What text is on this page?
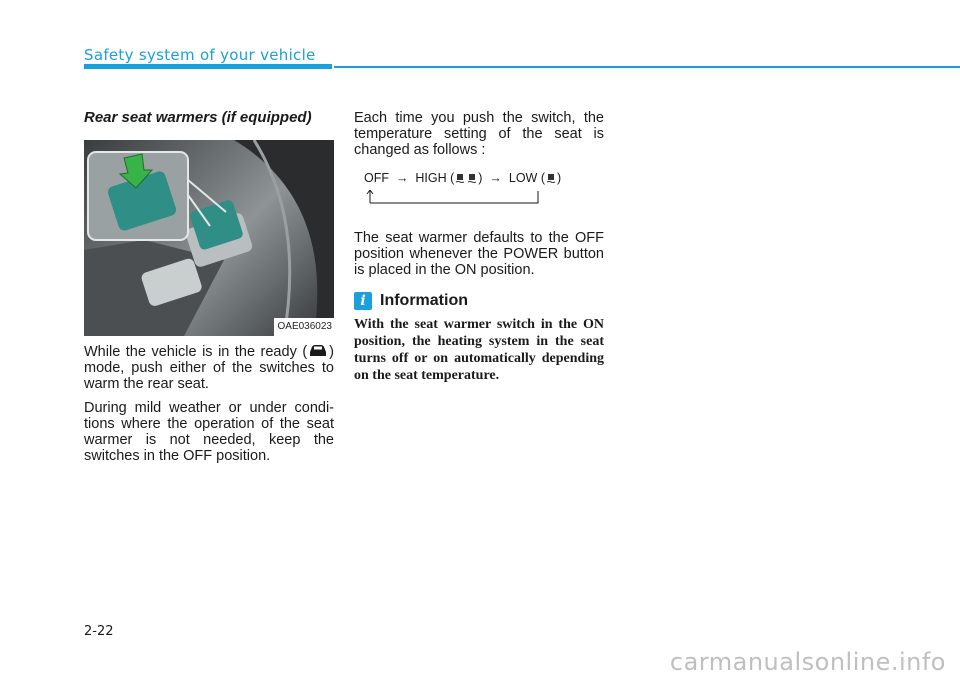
Safety system of your vehicle
Rear seat warmers (if equipped)
OAE036023

While the vehicle is in the ready ( ) mode, push either of the switches to warm the rear seat.

During mild weather or under condi-tions where the operation of the seat warmer is not needed, keep the switches in the OFF position.

Each time you push the switch, the temperature setting of the seat is changed as follows :

OFF → HIGH ( ) → LOW ( )

The seat warmer defaults to the OFF position whenever the POWER button is placed in the ON position.

i Information
With the seat warmer switch in the ON position, the heating system in the seat turns off or on automatically depending on the seat temperature.
2-22
carmanualsonline.info
